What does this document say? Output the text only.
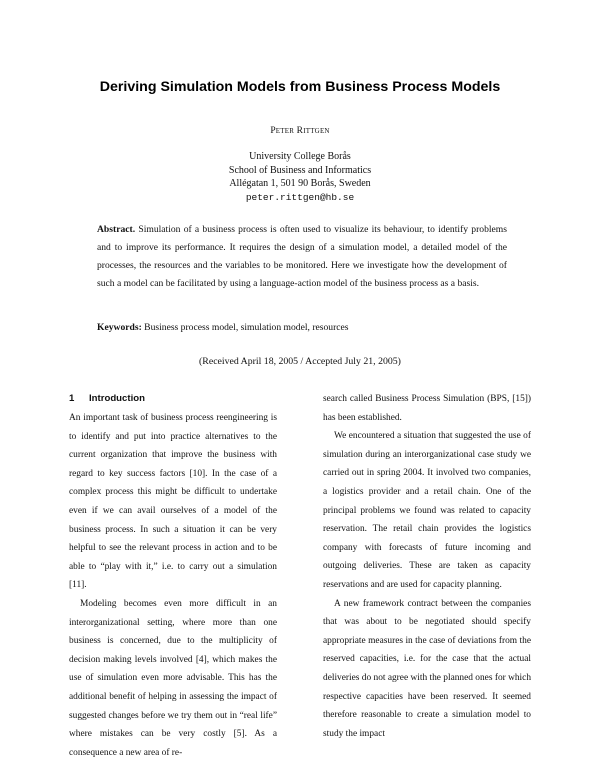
Deriving Simulation Models from Business Process Models
Peter Rittgen
University College Borås
School of Business and Informatics
Allégatan 1, 501 90 Borås, Sweden
peter.rittgen@hb.se
Abstract. Simulation of a business process is often used to visualize its behaviour, to identify problems and to improve its performance. It requires the design of a simulation model, a detailed model of the processes, the resources and the variables to be monitored. Here we investigate how the development of such a model can be facilitated by using a language-action model of the business process as a basis.
Keywords: Business process model, simulation model, resources
(Received April 18, 2005 / Accepted July 21, 2005)
1 Introduction

An important task of business process reengineering is to identify and put into practice alternatives to the current organization that improve the business with regard to key success factors [10]. In the case of a complex process this might be difficult to undertake even if we can avail ourselves of a model of the business process. In such a situation it can be very helpful to see the relevant process in action and to be able to “play with it,” i.e. to carry out a simulation [11].

Modeling becomes even more difficult in an interorganizational setting, where more than one business is concerned, due to the multiplicity of decision making levels involved [4], which makes the use of simulation even more advisable. This has the additional benefit of helping in assessing the impact of suggested changes before we try them out in “real life” where mistakes can be very costly [5]. As a consequence a new area of re-

search called Business Process Simulation (BPS, [15]) has been established.

We encountered a situation that suggested the use of simulation during an interorganizational case study we carried out in spring 2004. It involved two companies, a logistics provider and a retail chain. One of the principal problems we found was related to capacity reservation. The retail chain provides the logistics company with forecasts of future incoming and outgoing deliveries. These are taken as capacity reservations and are used for capacity planning.

A new framework contract between the companies that was about to be negotiated should specify appropriate measures in the case of deviations from the reserved capacities, i.e. for the case that the actual deliveries do not agree with the planned ones for which respective capacities have been reserved. It seemed therefore reasonable to create a simulation model to study the impact
